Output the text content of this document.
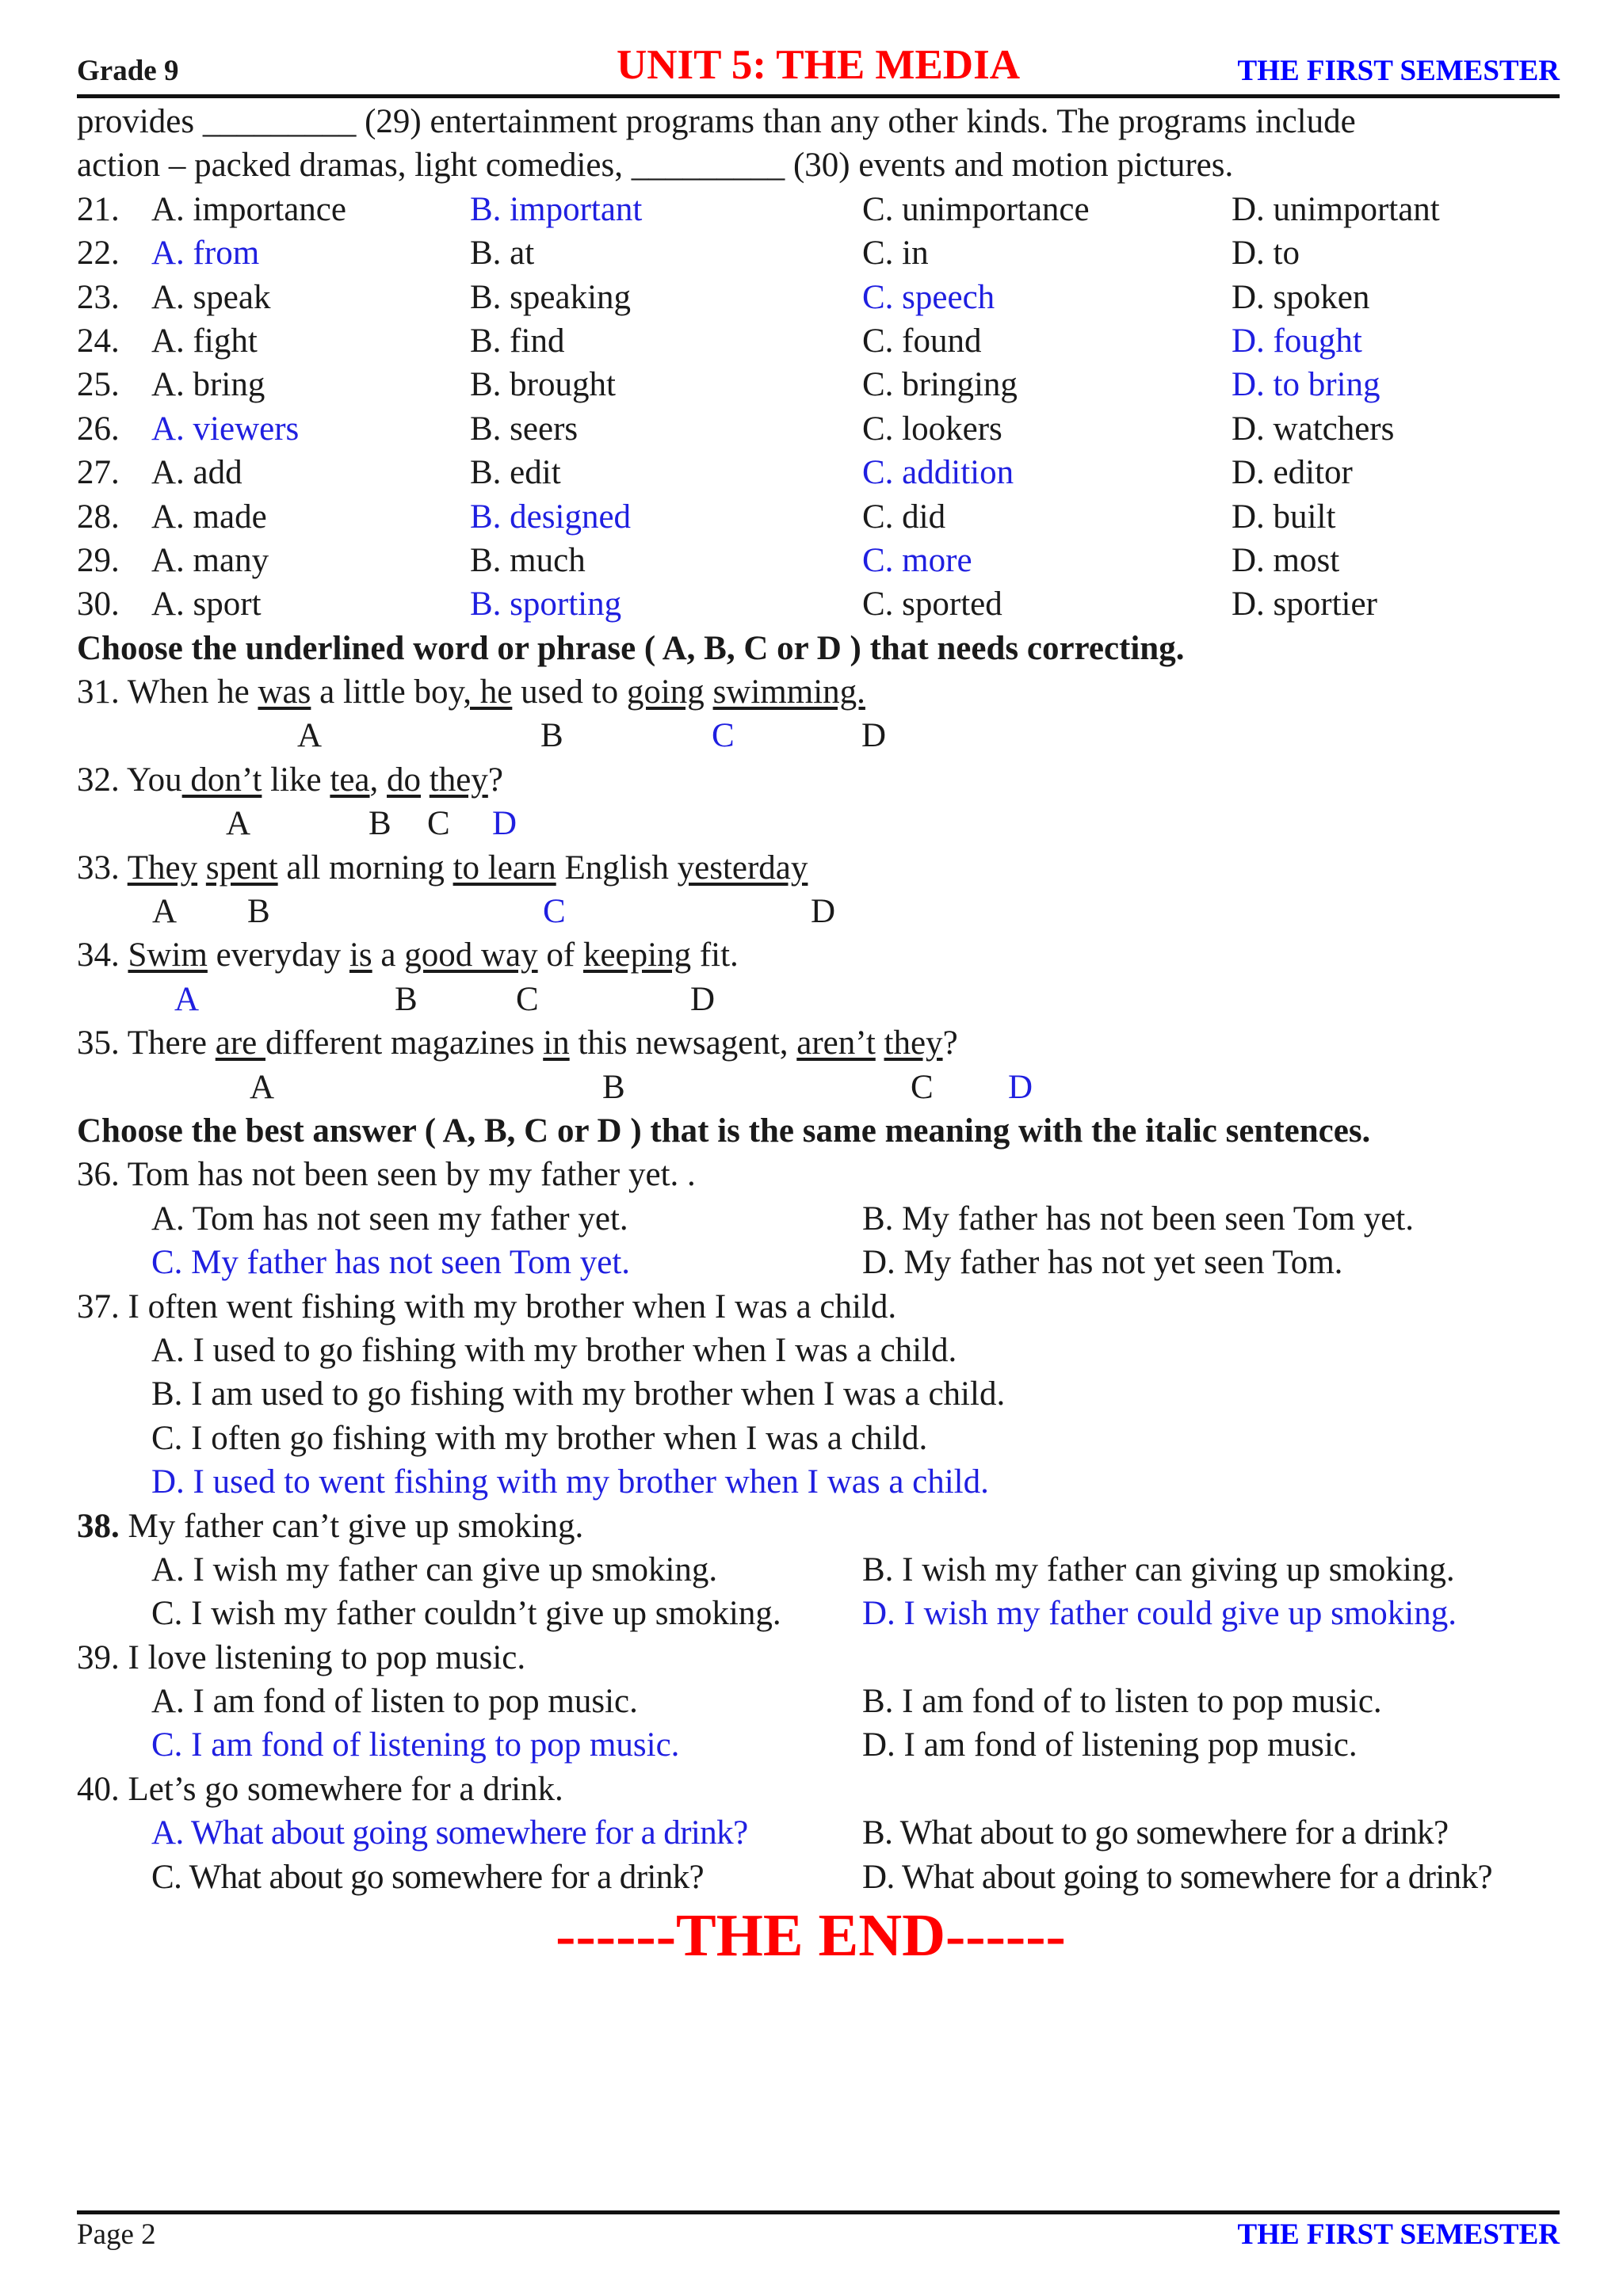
Grade 9	UNIT 5: THE MEDIA	THE FIRST SEMESTER
provides _________ (29) entertainment programs than any other kinds. The programs include
action – packed dramas, light comedies, _________ (30) events and motion pictures.
21. A. importance	B. important	C. unimportance	D. unimportant
22. A. from	B. at	C. in	D. to
23. A. speak	B. speaking	C. speech	D. spoken
24. A. fight	B. find	C. found	D. fought
25. A. bring	B. brought	C. bringing	D. to bring
26. A. viewers	B. seers	C. lookers	D. watchers
27. A. add	B. edit	C. addition	D. editor
28. A. made	B. designed	C. did	D. built
29. A. many	B. much	C. more	D. most
30. A. sport	B. sporting	C. sported	D. sportier
Choose the underlined word or phrase ( A, B, C or D ) that needs correcting.
31. When he was a little boy, he used to going swimming.
A	B	C	D
32. You don’t like tea, do they?
A	B C D
33. They spent all morning to learn English yesterday
A B	C	D
34. Swim everyday is a good way of keeping fit.
A	B	C	D
35. There are different magazines in this newsagent, aren’t they?
A	B	C D
Choose the best answer ( A, B, C or D ) that is the same meaning with the italic sentences.
36. Tom has not been seen by my father yet. .
A. Tom has not seen my father yet.	B. My father has not been seen Tom yet.
C. My father has not seen Tom yet.	D. My father has not yet seen Tom.
37. I often went fishing with my brother when I was a child.
A. I used to go fishing with my brother when I was a child.
B. I am used to go fishing with my brother when I was a child.
C. I often go fishing with my brother when I was a child.
D. I used to went fishing with my brother when I was a child.
38. My father can’t give up smoking.
A. I wish my father can give up smoking.	B. I wish my father can giving up smoking.
C. I wish my father couldn’t give up smoking. D. I wish my father could give up smoking.
39. I love listening to pop music.
A. I am fond of listen to pop music.	B. I am fond of to listen to pop music.
C. I am fond of listening to pop music.	D. I am fond of listening pop music.
40. Let’s go somewhere for a drink.
A. What about going somewhere for a drink?	B. What about to go somewhere for a drink?
C. What about go somewhere for a drink?	D. What about going to somewhere for a drink?
------THE END------
Page 2	THE FIRST SEMESTER
